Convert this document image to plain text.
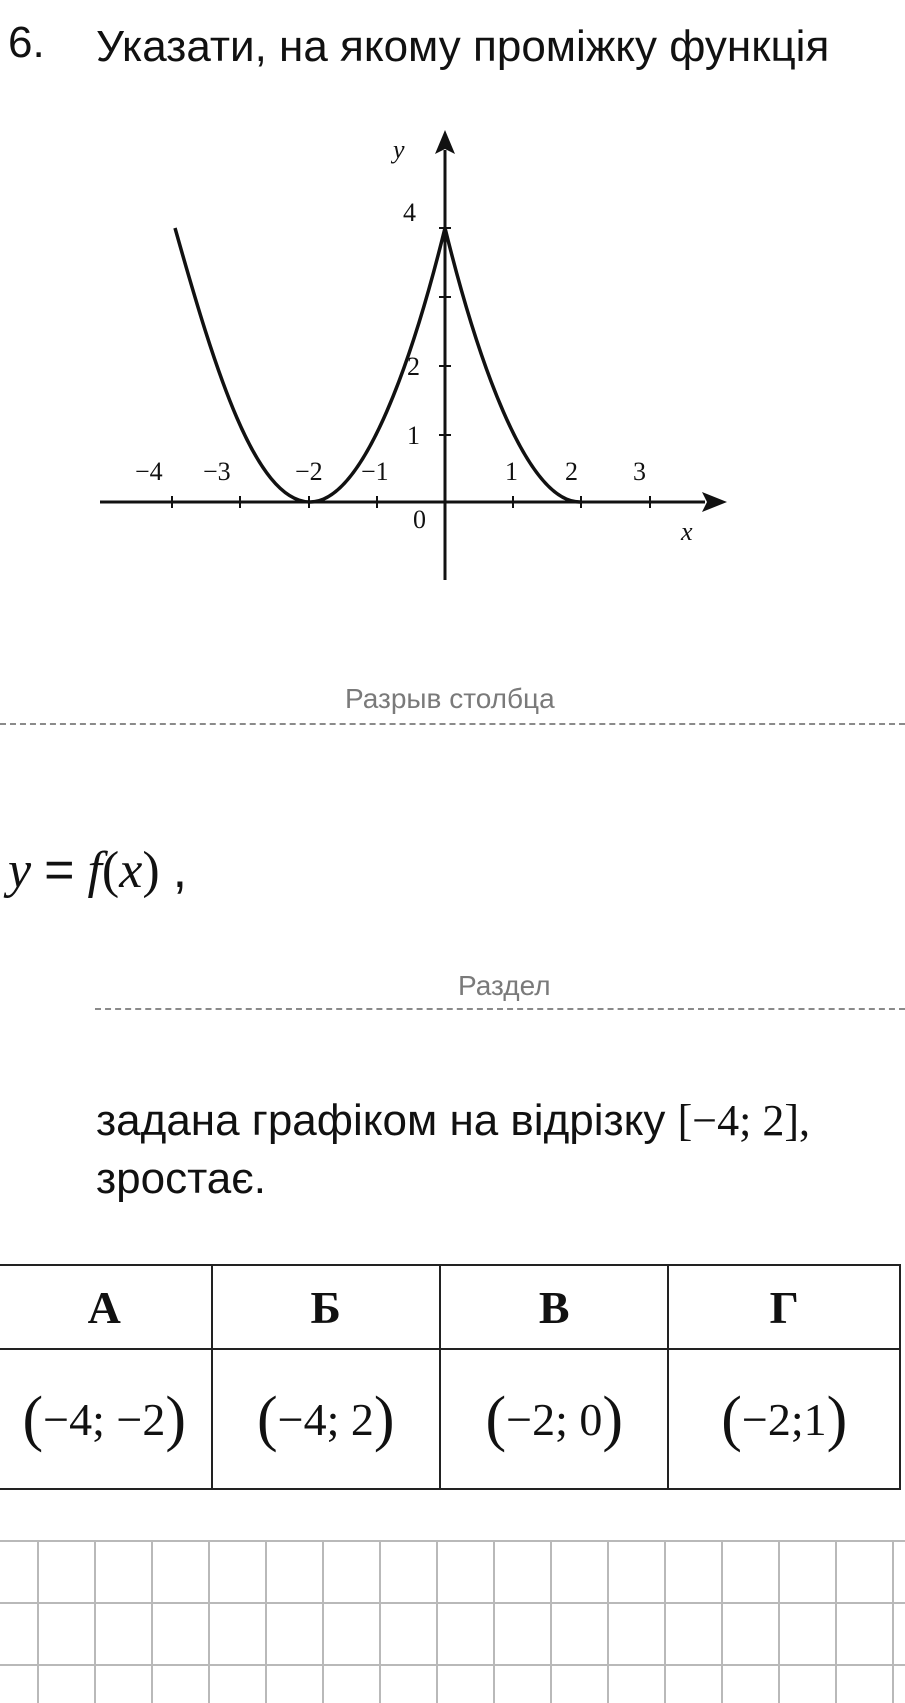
6. Указати, на якому проміжку функція
y
x
0
−4 −3 −2 −1	1 2 3
4
2
1
Разрыв столбца
y = f(x) ,
Раздел
задана графіком на відрізку [−4; 2],
зростає.
А	Б	В	Г
(−4; −2)	(−4; 2)	(−2; 0)	(−2;1)
